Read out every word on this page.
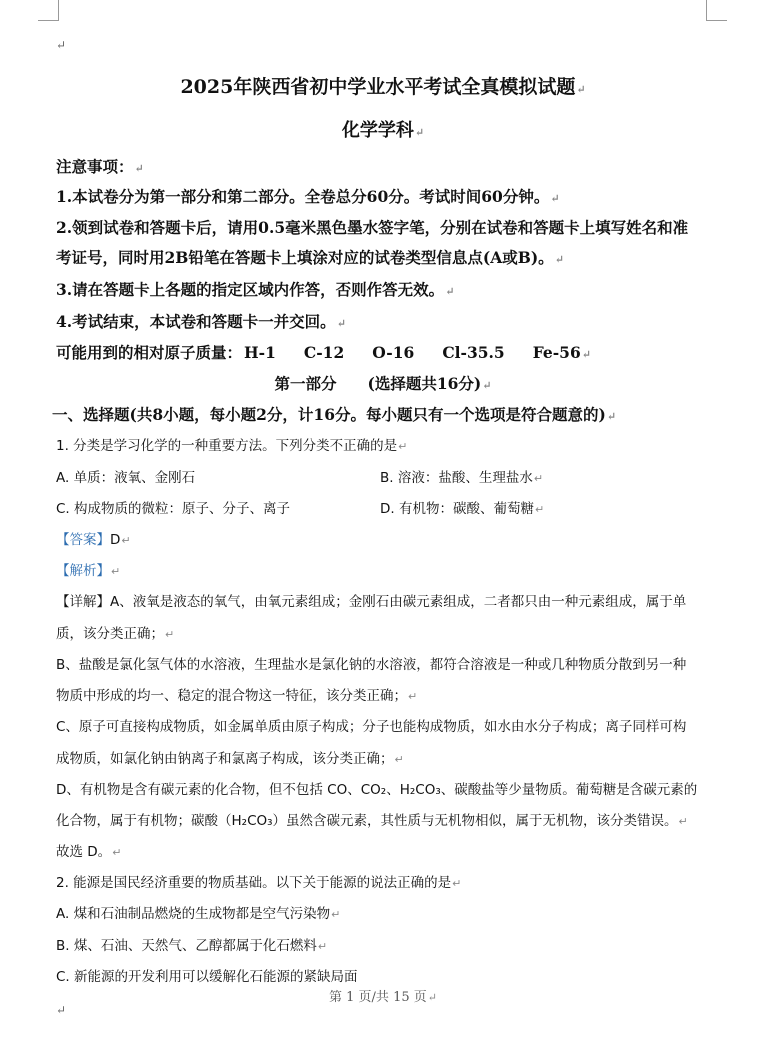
↵
2025年陕西省初中学业水平考试全真模拟试题↵
化学学科↵
注意事项：↵
1.本试卷分为第一部分和第二部分。全卷总分60分。考试时间60分钟。↵
2.领到试卷和答题卡后，请用0.5毫米黑色墨水签字笔，分别在试卷和答题卡上填写姓名和准
考证号，同时用2B铅笔在答题卡上填涂对应的试卷类型信息点(A或B)。↵
3.请在答题卡上各题的指定区域内作答，否则作答无效。↵
4.考试结束，本试卷和答题卡一并交回。↵
可能用到的相对原子质量： H-1 C-12 O-16 Cl-35.5 Fe-56↵
第一部分　　(选择题共16分)↵
一、选择题(共8小题，每小题2分，计16分。每小题只有一个选项是符合题意的)↵
1. 分类是学习化学的一种重要方法。下列分类不正确的是↵
A. 单质：液氧、金刚石	B. 溶液：盐酸、生理盐水↵
C. 构成物质的微粒：原子、分子、离子	D. 有机物：碳酸、葡萄糖↵
【答案】D↵
【解析】↵
【详解】A、液氧是液态的氧气，由氧元素组成；金刚石由碳元素组成，二者都只由一种元素组成，属于单
质，该分类正确；↵
B、盐酸是氯化氢气体的水溶液，生理盐水是氯化钠的水溶液，都符合溶液是一种或几种物质分散到另一种
物质中形成的均一、稳定的混合物这一特征，该分类正确；↵
C、原子可直接构成物质，如金属单质由原子构成；分子也能构成物质，如水由水分子构成；离子同样可构
成物质，如氯化钠由钠离子和氯离子构成，该分类正确；↵
D、有机物是含有碳元素的化合物，但不包括 CO、CO₂、H₂CO₃、碳酸盐等少量物质。葡萄糖是含碳元素的
化合物，属于有机物；碳酸（H₂CO₃）虽然含碳元素，其性质与无机物相似，属于无机物，该分类错误。↵
故选 D。↵
2. 能源是国民经济重要的物质基础。以下关于能源的说法正确的是↵
A. 煤和石油制品燃烧的生成物都是空气污染物↵
B. 煤、石油、天然气、乙醇都属于化石燃料↵
C. 新能源的开发利用可以缓解化石能源的紧缺局面
第 1 页/共 15 页↵
↵
